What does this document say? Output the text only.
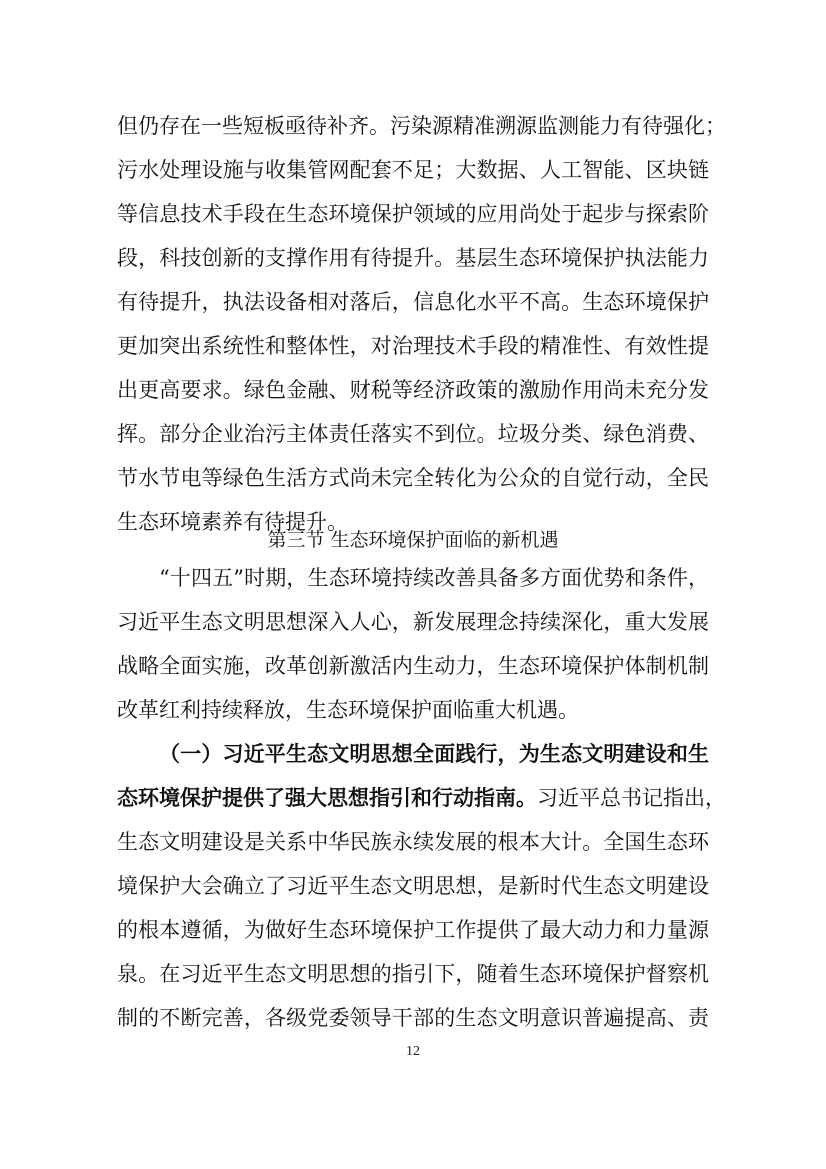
但仍存在一些短板亟待补齐。污染源精准溯源监测能力有待强化；
污水处理设施与收集管网配套不足；大数据、人工智能、区块链
等信息技术手段在生态环境保护领域的应用尚处于起步与探索阶
段，科技创新的支撑作用有待提升。基层生态环境保护执法能力
有待提升，执法设备相对落后，信息化水平不高。生态环境保护
更加突出系统性和整体性，对治理技术手段的精准性、有效性提
出更高要求。绿色金融、财税等经济政策的激励作用尚未充分发
挥。部分企业治污主体责任落实不到位。垃圾分类、绿色消费、
节水节电等绿色生活方式尚未完全转化为公众的自觉行动，全民
生态环境素养有待提升。
第三节 生态环境保护面临的新机遇
“十四五”时期，生态环境持续改善具备多方面优势和条件，
习近平生态文明思想深入人心，新发展理念持续深化，重大发展
战略全面实施，改革创新激活内生动力，生态环境保护体制机制
改革红利持续释放，生态环境保护面临重大机遇。
（一）习近平生态文明思想全面践行，为生态文明建设和生
态环境保护提供了强大思想指引和行动指南。习近平总书记指出，
生态文明建设是关系中华民族永续发展的根本大计。全国生态环
境保护大会确立了习近平生态文明思想，是新时代生态文明建设
的根本遵循，为做好生态环境保护工作提供了最大动力和力量源
12
泉。在习近平生态文明思想的指引下，随着生态环境保护督察机
制的不断完善，各级党委领导干部的生态文明意识普遍提高、责
